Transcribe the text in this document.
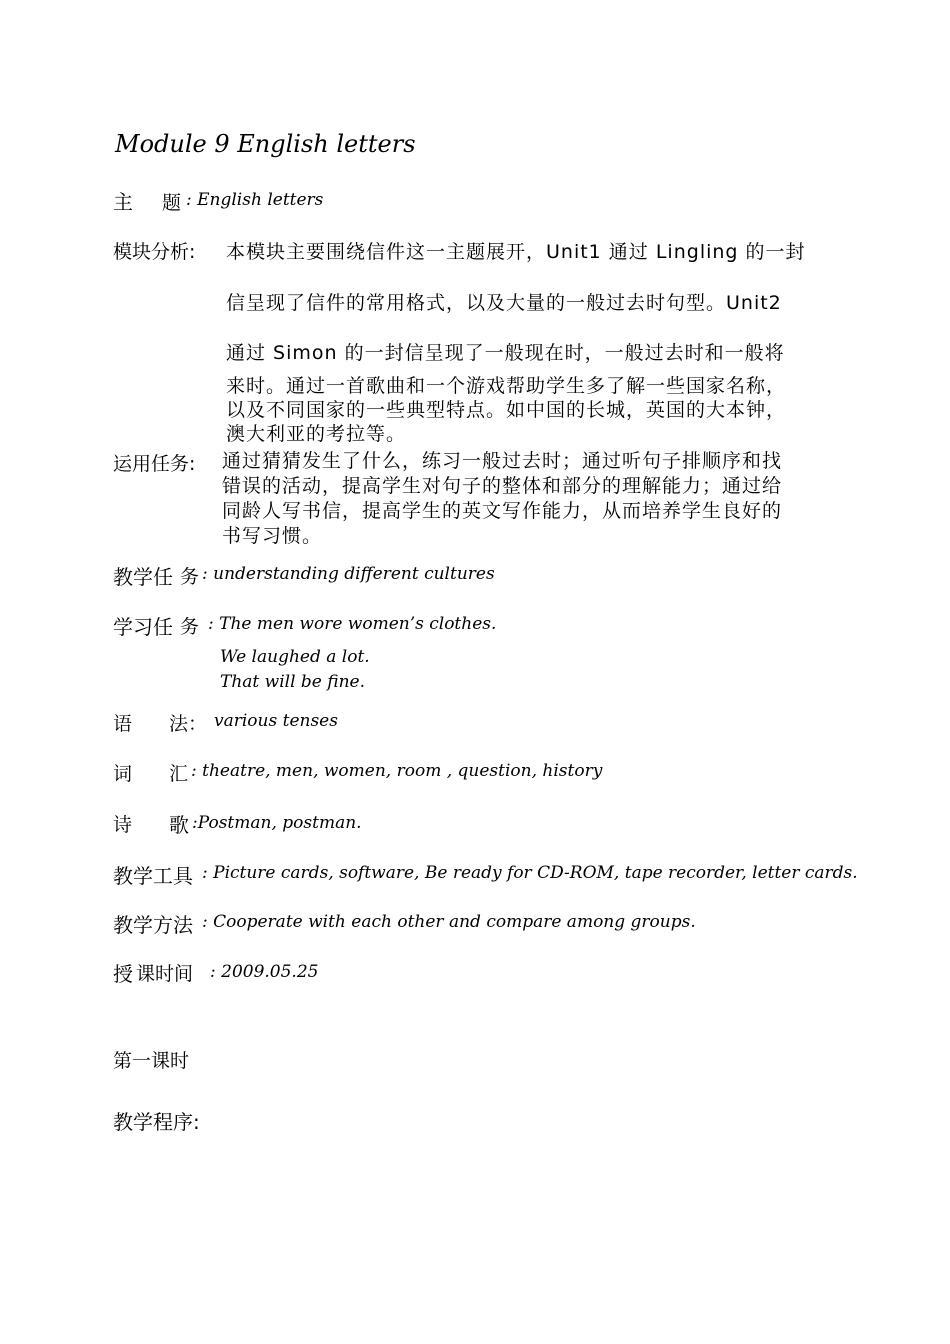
Module 9 English letters
主 题 : English letters
模块分析: 本模块主要围绕信件这一主题展开，Unit1 通过 Lingling 的一封
信呈现了信件的常用格式，以及大量的一般过去时句型。Unit2
通过 Simon 的一封信呈现了一般现在时，一般过去时和一般将
来时。通过一首歌曲和一个游戏帮助学生多了解一些国家名称，
以及不同国家的一些典型特点。如中国的长城，英国的大本钟，
澳大利亚的考拉等。
运用任务: 通过猜猜发生了什么，练习一般过去时；通过听句子排顺序和找
错误的活动，提高学生对句子的整体和部分的理解能力；通过给
同龄人写书信，提高学生的英文写作能力，从而培养学生良好的
书写习惯。
教学任 务 : understanding different cultures
学习任 务 : The men wore women’s clothes.
We laughed a lot.
That will be fine.
语 法： various tenses
词 汇 : theatre, men, women, room , question, history
诗 歌 :Postman, postman.
教学工具 : Picture cards, software, Be ready for CD-ROM, tape recorder, letter cards.
教学方法 : Cooperate with each other and compare among groups.
授 课时间 : 2009.05.25
第一课时
教学程序:
